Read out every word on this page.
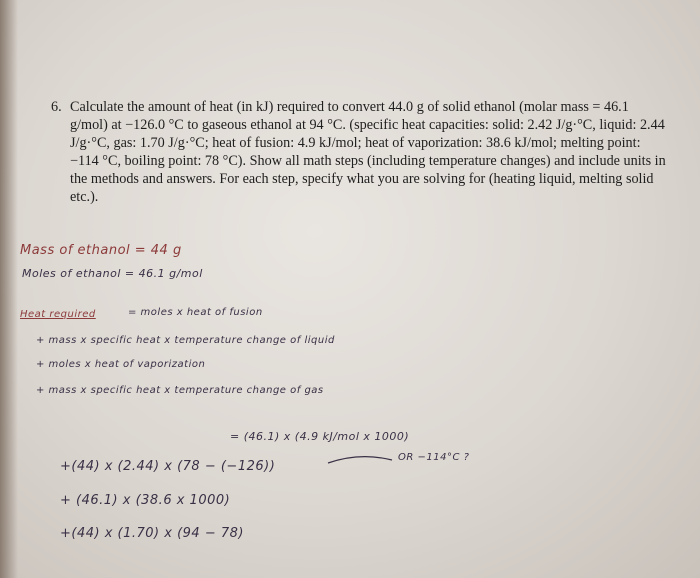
6. Calculate the amount of heat (in kJ) required to convert 44.0 g of solid ethanol (molar mass = 46.1 g/mol) at −126.0 °C to gaseous ethanol at 94 °C. (specific heat capacities: solid: 2.42 J/g·°C, liquid: 2.44 J/g·°C, gas: 1.70 J/g·°C; heat of fusion: 4.9 kJ/mol; heat of vaporization: 38.6 kJ/mol; melting point: −114 °C, boiling point: 78 °C). Show all math steps (including temperature changes) and include units in the methods and answers. For each step, specify what you are solving for (heating liquid, melting solid etc.).
Mass of ethanol = 44 g
Moles of ethanol = 46.1 g/mol
Heat required	= moles x heat of fusion
+ mass x specific heat x temperature change of liquid
+ moles x heat of vaporization
+ mass x specific heat x temperature change of gas
= (46.1) x (4.9 kJ/mol x 1000)
+(44) x (2.44) x (78 − (−126))
OR −114°C ?
+ (46.1) x (38.6 x 1000)
+(44) x (1.70) x (94 − 78)
